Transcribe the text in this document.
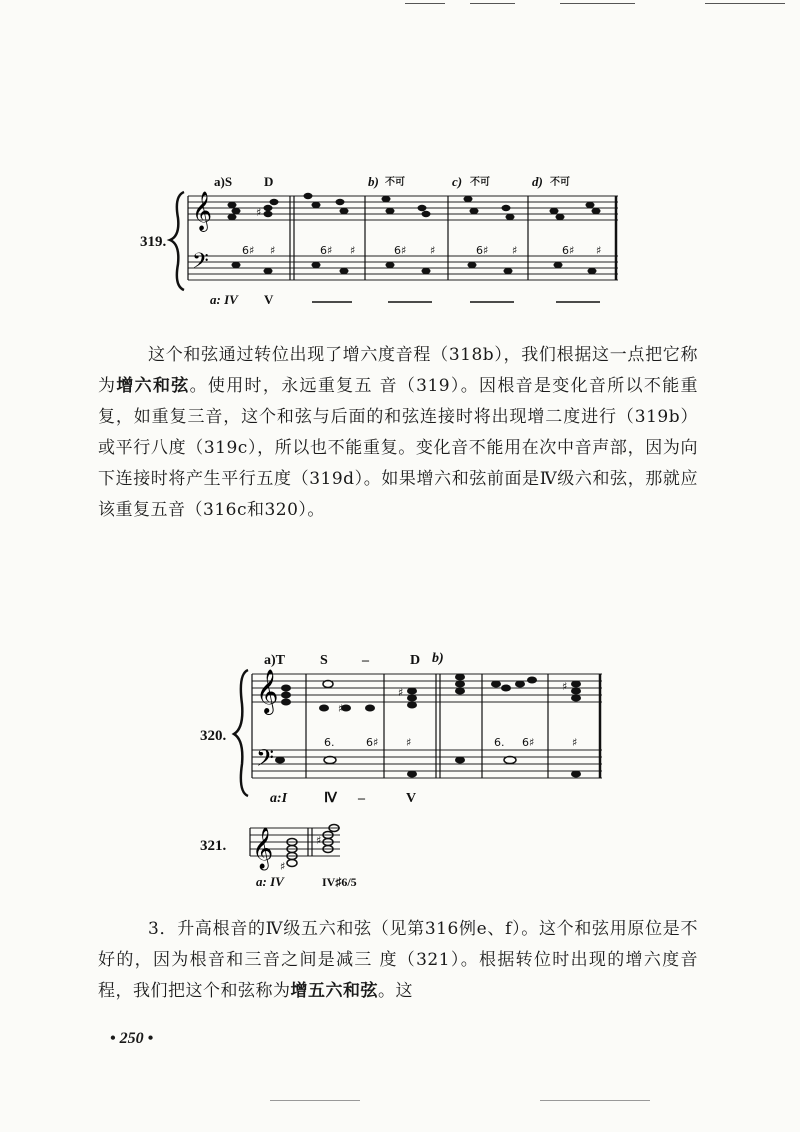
a)S D	b) 不可	c) 不可	d) 不可
319.
𝄞
𝄢
♯
6♯ ♯	6♯ ♯	6♯ ♯	6♯ ♯	6♯ ♯
a: IV V

这个和弦通过转位出现了增六度音程（318b），我们根据这一点把它称为增六和弦。使用时，永远重复五 音（319）。因根音是变化音所以不能重复，如重复三音，这个和弦与后面的和弦连接时将出现增二度进行（319b）或平行八度（319c），所以也不能重复。变化音不能用在次中音声部，因为向下连接时将产生平行五度（319d）。如果增六和弦前面是Ⅳ级六和弦，那就应该重复五音（316c和320）。

a)T	S –	D b)
320.
𝄞
𝄢
6.	6♯	♯
♯
6. 6♯	♯
♯
♯
a:I	Ⅳ –	V
321. 𝄞 ♯
♯
a: IV	IV♯6/5

3．升高根音的Ⅳ级五六和弦（见第316例e、f）。这个和弦用原位是不好的，因为根音和三音之间是减三 度（321）。根据转位时出现的增六度音程，我们把这个和弦称为增五六和弦。这

• 250 •
